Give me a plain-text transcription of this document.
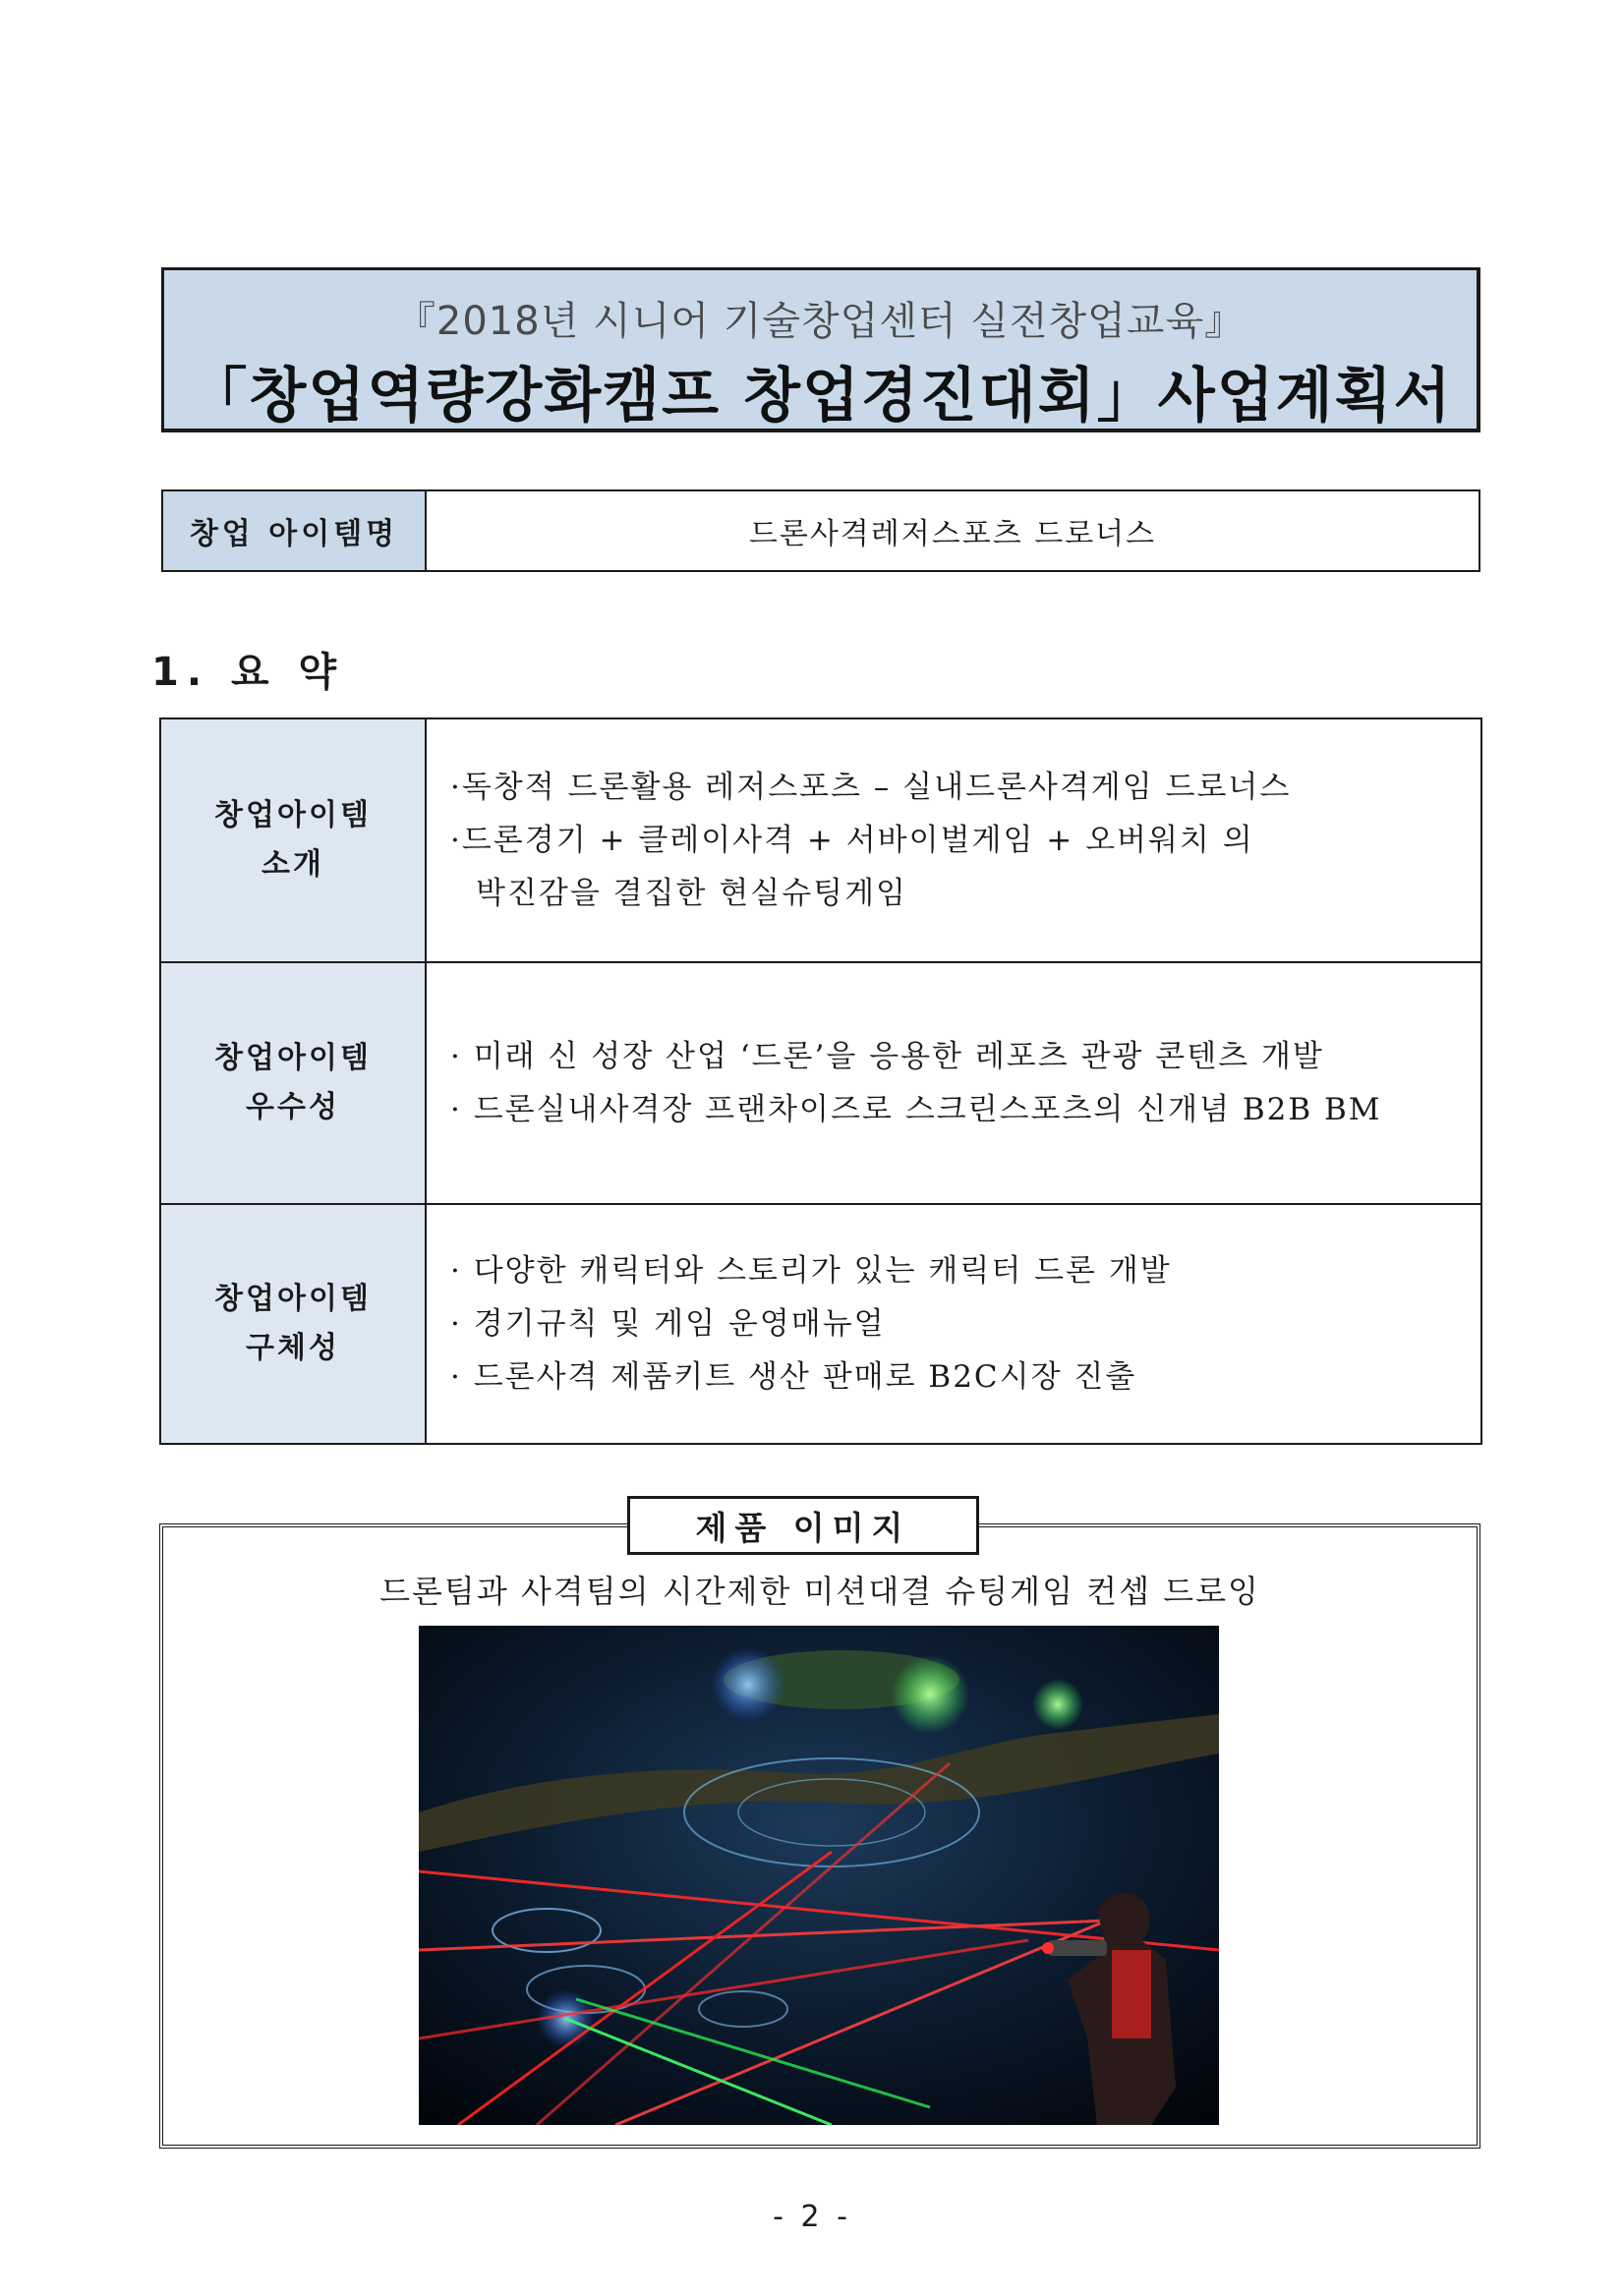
『2018년 시니어 기술창업센터 실전창업교육』
「창업역량강화캠프 창업경진대회」사업계획서
창업 아이템명	드론사격레저스포츠 드로너스
1. 요 약
창업아이템
소개
·독창적 드론활용 레저스포츠 – 실내드론사격게임 드로너스
·드론경기 + 클레이사격 + 서바이벌게임 + 오버워치 의
박진감을 결집한 현실슈팅게임
창업아이템
우수성
· 미래 신 성장 산업 ‘드론’을 응용한 레포츠 관광 콘텐츠 개발
· 드론실내사격장 프랜차이즈로 스크린스포츠의 신개념 B2B BM
창업아이템
구체성
· 다양한 캐릭터와 스토리가 있는 캐릭터 드론 개발
· 경기규칙 및 게임 운영매뉴얼
· 드론사격 제품키트 생산 판매로 B2C시장 진출
제품 이미지
드론팀과 사격팀의 시간제한 미션대결 슈팅게임 컨셉 드로잉
- 2 -
